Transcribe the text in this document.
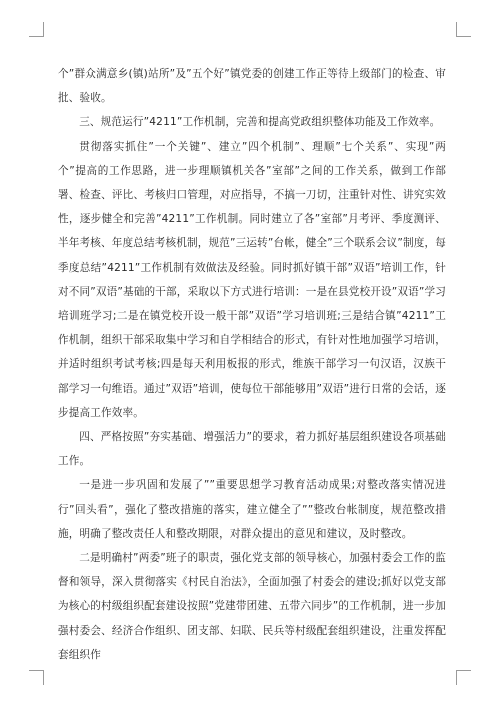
个”群众满意乡(镇)站所”及”五个好”镇党委的创建工作正等待上级部门的检查、审批、验收。

三、规范运行”4211”工作机制，完善和提高党政组织整体功能及工作效率。

贯彻落实抓住”一个关键”、建立”四个机制”、理顺”七个关系”、实现”两个”提高的工作思路，进一步理顺镇机关各”室部”之间的工作关系，做到工作部署、检查、评比、考核归口管理，对应指导，不搞一刀切，注重针对性、讲究实效性，逐步健全和完善”4211”工作机制。同时建立了各”室部”月考评、季度测评、半年考核、年度总结考核机制，规范”三运转”台帐，健全”三个联系会议”制度，每季度总结”4211”工作机制有效做法及经验。同时抓好镇干部”双语”培训工作，针对不同”双语”基础的干部，采取以下方式进行培训：一是在县党校开设”双语”学习培训班学习;二是在镇党校开设一般干部”双语”学习培训班;三是结合镇”4211”工作机制，组织干部采取集中学习和自学相结合的形式，有针对性地加强学习培训，并适时组织考试考核;四是每天利用板报的形式，维族干部学习一句汉语，汉族干部学习一句维语。通过”双语”培训，使每位干部能够用”双语”进行日常的会话，逐步提高工作效率。

四、严格按照”夯实基础、增强活力”的要求，着力抓好基层组织建设各项基础工作。

一是进一步巩固和发展了””重要思想学习教育活动成果;对整改落实情况进行”回头看”，强化了整改措施的落实，建立健全了””整改台帐制度，规范整改措施，明确了整改责任人和整改期限，对群众提出的意见和建议，及时整改。

二是明确村”两委”班子的职责，强化党支部的领导核心，加强村委会工作的监督和领导，深入贯彻落实《村民自治法》，全面加强了村委会的建设;抓好以党支部为核心的村级组织配套建设按照”党建带团建、五带六同步”的工作机制，进一步加强村委会、经济合作组织、团支部、妇联、民兵等村级配套组织建设，注重发挥配套组织作
